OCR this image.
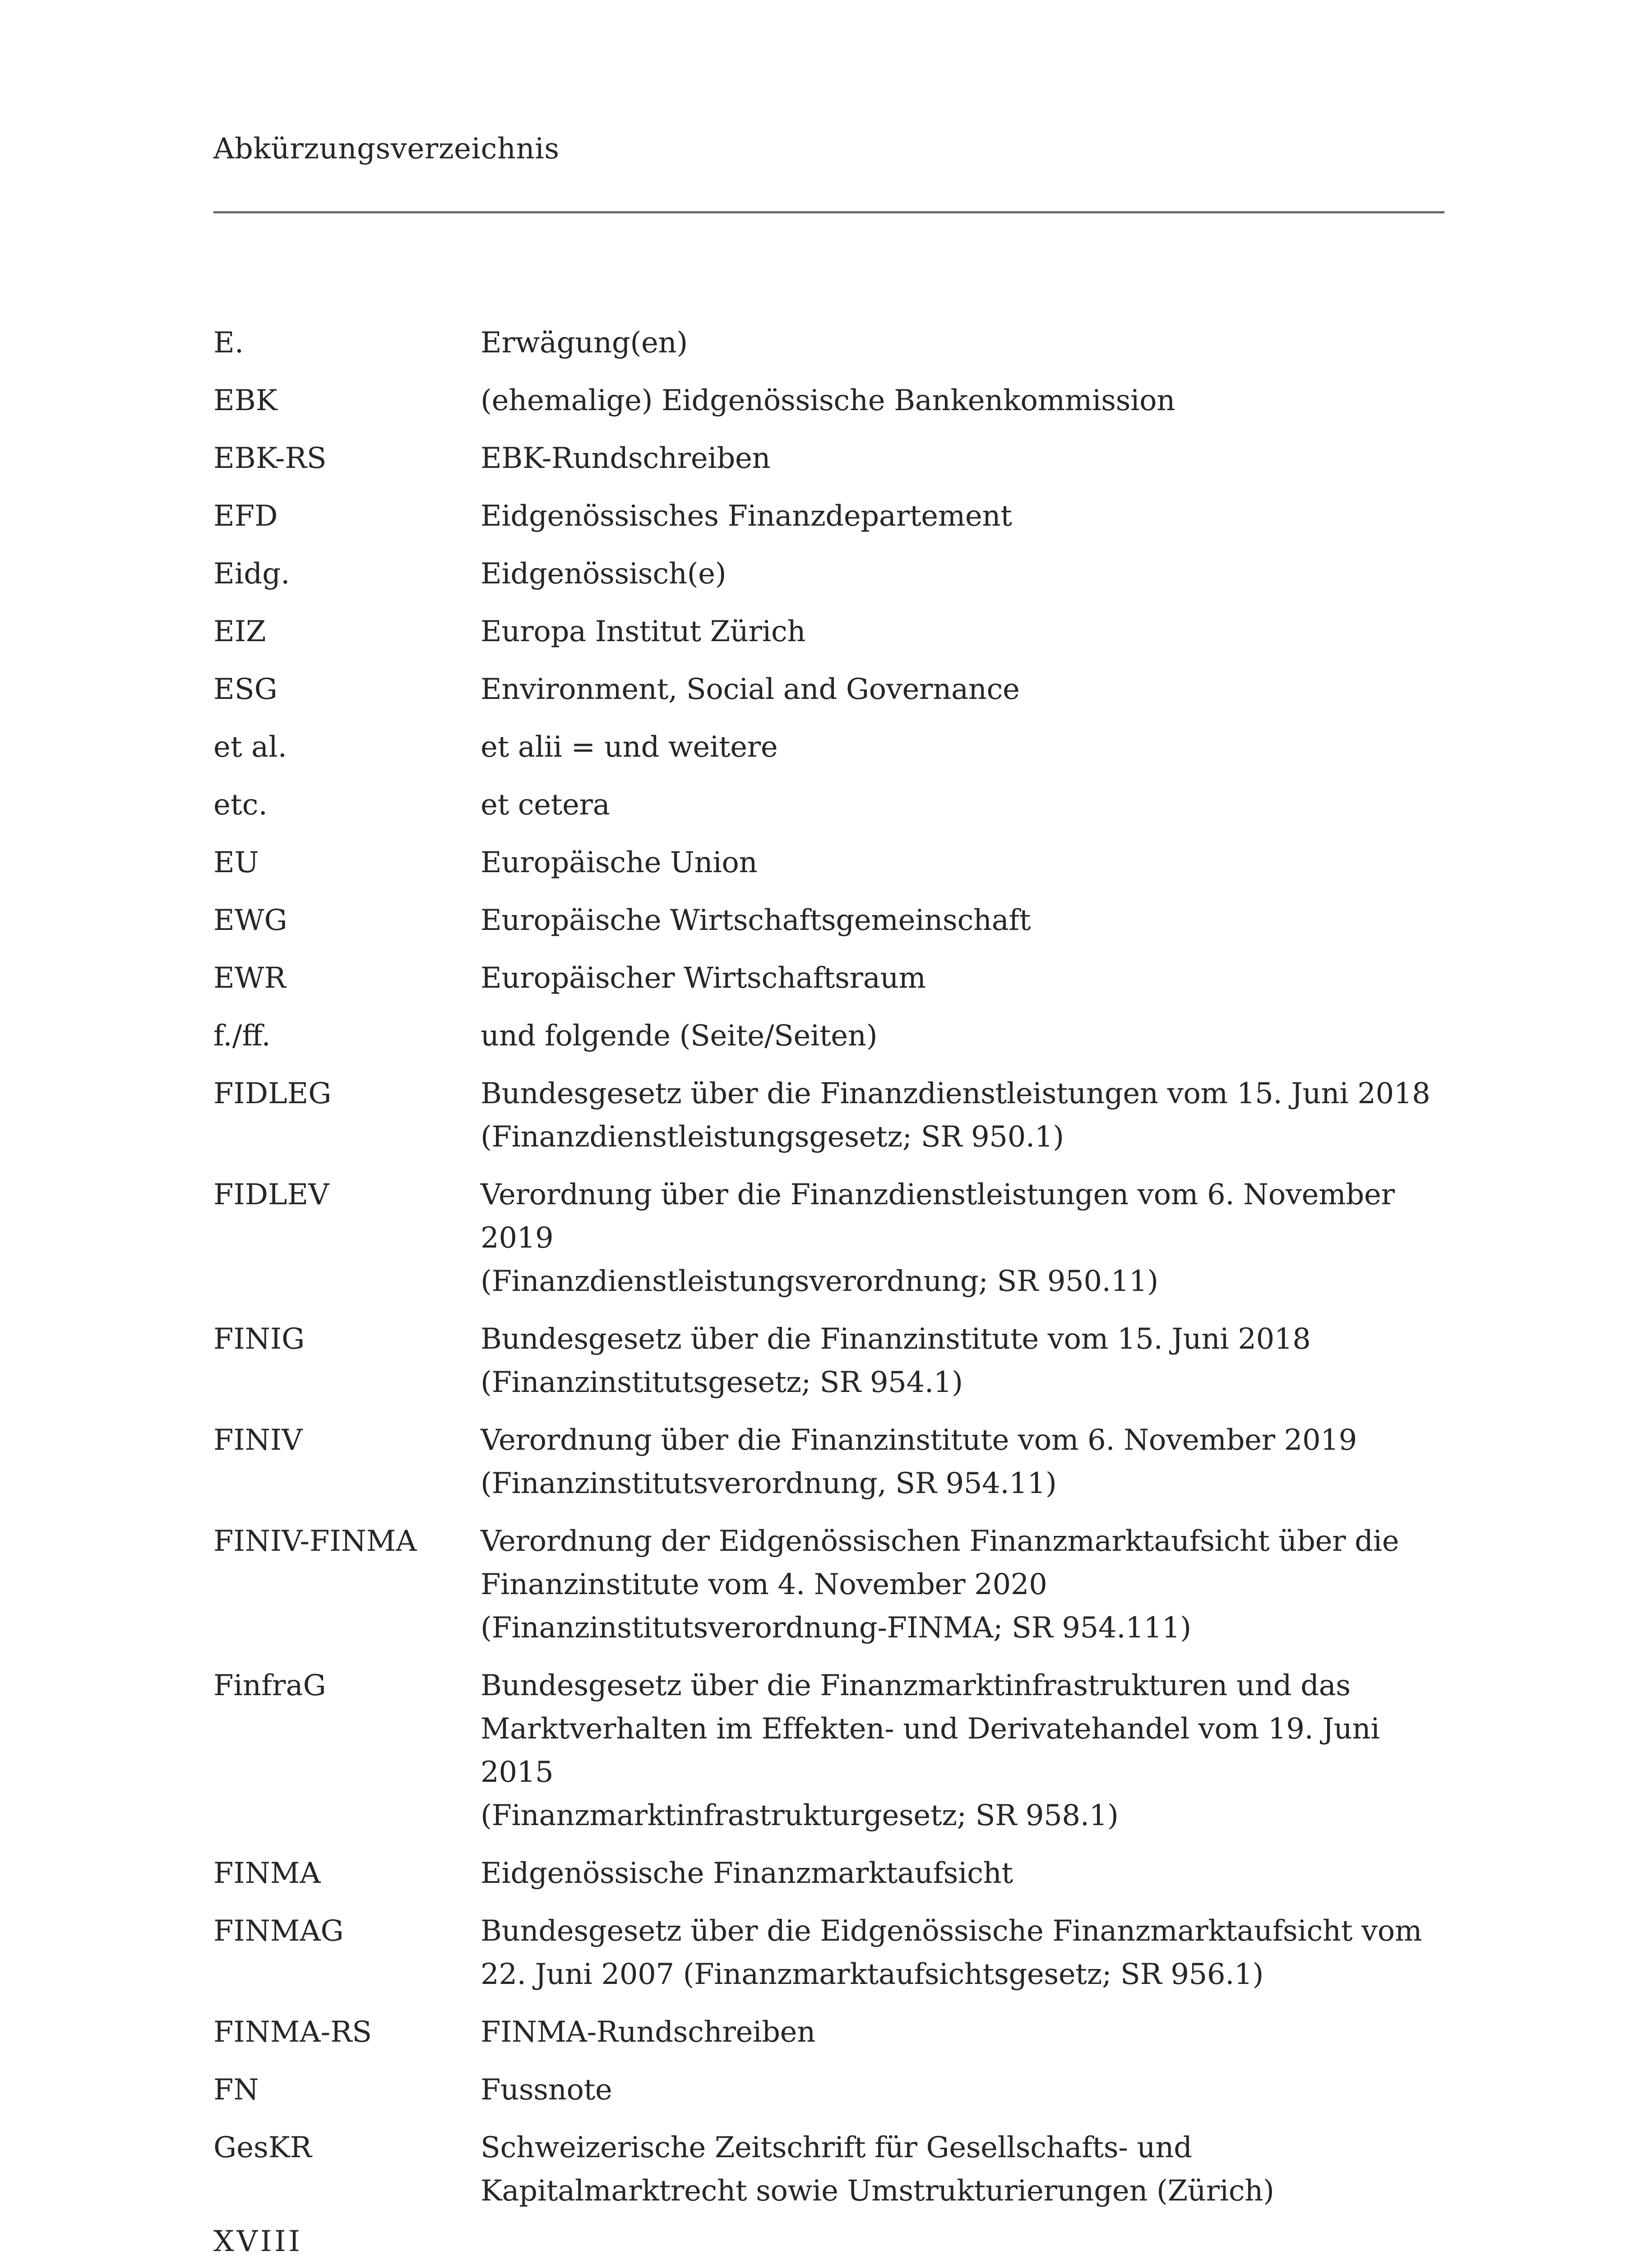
Abkürzungsverzeichnis
E.	Erwägung(en)
EBK	(ehemalige) Eidgenössische Bankenkommission
EBK-RS	EBK-Rundschreiben
EFD	Eidgenössisches Finanzdepartement
Eidg.	Eidgenössisch(e)
EIZ	Europa Institut Zürich
ESG	Environment, Social and Governance
et al.	et alii = und weitere
etc.	et cetera
EU	Europäische Union
EWG	Europäische Wirtschaftsgemeinschaft
EWR	Europäischer Wirtschaftsraum
f./ff.	und folgende (Seite/Seiten)
FIDLEG	Bundesgesetz über die Finanzdienstleistungen vom 15. Juni 2018
(Finanzdienstleistungsgesetz; SR 950.1)
FIDLEV	Verordnung über die Finanzdienstleistungen vom 6. November 2019
(Finanzdienstleistungsverordnung; SR 950.11)
FINIG	Bundesgesetz über die Finanzinstitute vom 15. Juni 2018
(Finanzinstitutsgesetz; SR 954.1)
FINIV	Verordnung über die Finanzinstitute vom 6. November 2019
(Finanzinstitutsverordnung, SR 954.11)
FINIV-FINMA	Verordnung der Eidgenössischen Finanzmarktaufsicht über die
Finanzinstitute vom 4. November 2020
(Finanzinstitutsverordnung-FINMA; SR 954.111)
FinfraG	Bundesgesetz über die Finanzmarktinfrastrukturen und das
Marktverhalten im Effekten- und Derivatehandel vom 19. Juni 2015
(Finanzmarktinfrastrukturgesetz; SR 958.1)
FINMA	Eidgenössische Finanzmarktaufsicht
FINMAG	Bundesgesetz über die Eidgenössische Finanzmarktaufsicht vom
22. Juni 2007 (Finanzmarktaufsichtsgesetz; SR 956.1)
FINMA-RS	FINMA-Rundschreiben
FN	Fussnote
GesKR	Schweizerische Zeitschrift für Gesellschafts- und
Kapitalmarktrecht sowie Umstrukturierungen (Zürich)
XVIII
